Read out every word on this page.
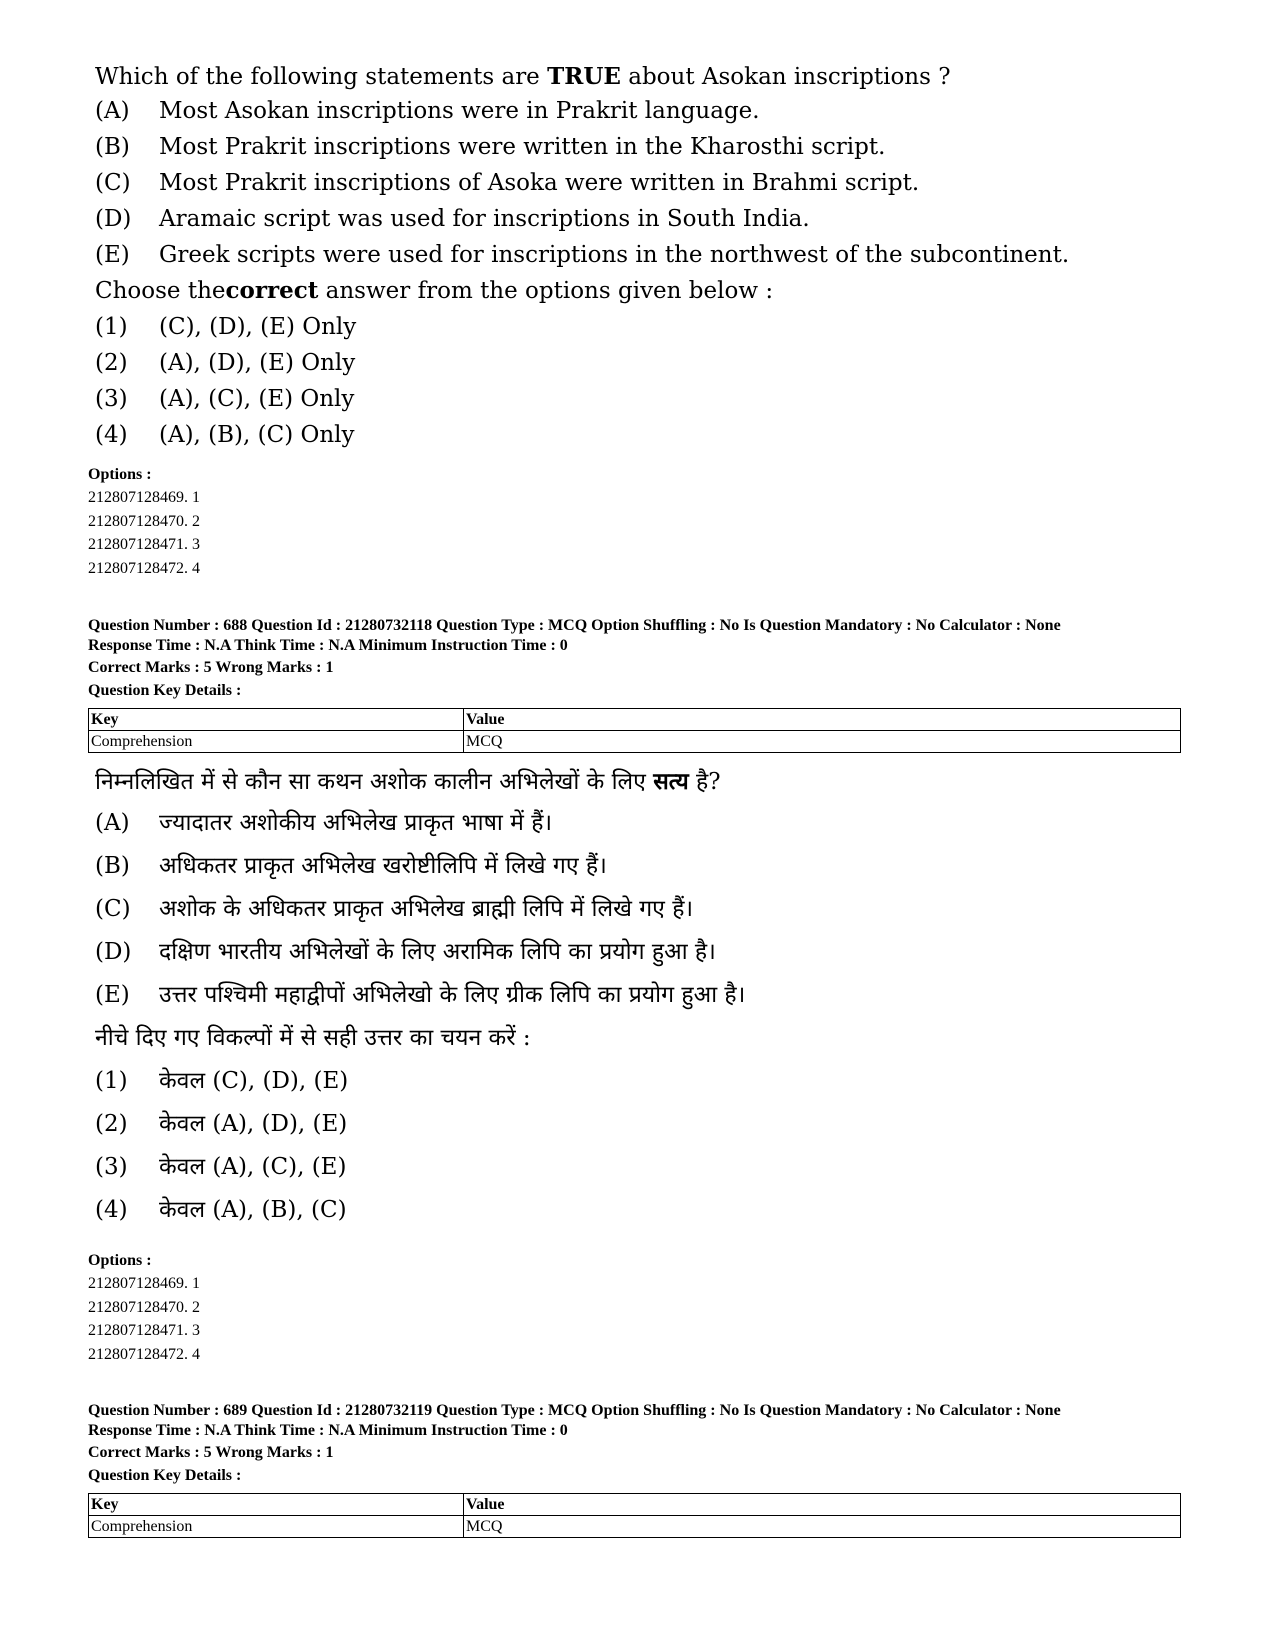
Which of the following statements are TRUE about Asokan inscriptions ?
(A)	Most Asokan inscriptions were in Prakrit language.
(B)	Most Prakrit inscriptions were written in the Kharosthi script.
(C)	Most Prakrit inscriptions of Asoka were written in Brahmi script.
(D)	Aramaic script was used for inscriptions in South India.
(E)	Greek scripts were used for inscriptions in the northwest of the subcontinent.
Choose the correct answer from the options given below :
(1)	(C), (D), (E) Only
(2)	(A), (D), (E) Only
(3)	(A), (C), (E) Only
(4)	(A), (B), (C) Only
Options :
212807128469. 1
212807128470. 2
212807128471. 3
212807128472. 4
Question Number : 688 Question Id : 21280732118 Question Type : MCQ Option Shuffling : No Is Question Mandatory : No Calculator : None
Response Time : N.A Think Time : N.A Minimum Instruction Time : 0
Correct Marks : 5 Wrong Marks : 1
Question Key Details :
Key	Value
Comprehension	MCQ
निम्नलिखित में से कौन सा कथन अशोक कालीन अभिलेखों के लिए सत्य है?
(A)	ज्यादातर अशोकीय अभिलेख प्राकृत भाषा में हैं।
(B)	अधिकतर प्राकृत अभिलेख खरोष्टीलिपि में लिखे गए हैं।
(C)	अशोक के अधिकतर प्राकृत अभिलेख ब्राह्मी लिपि में लिखे गए हैं।
(D)	दक्षिण भारतीय अभिलेखों के लिए अरामिक लिपि का प्रयोग हुआ है।
(E)	उत्तर पश्चिमी महाद्वीपों अभिलेखो के लिए ग्रीक लिपि का प्रयोग हुआ है।
नीचे दिए गए विकल्पों में से सही उत्तर का चयन करें :
(1)	केवल (C), (D), (E)
(2)	केवल (A), (D), (E)
(3)	केवल (A), (C), (E)
(4)	केवल (A), (B), (C)
Options :
212807128469. 1
212807128470. 2
212807128471. 3
212807128472. 4
Question Number : 689 Question Id : 21280732119 Question Type : MCQ Option Shuffling : No Is Question Mandatory : No Calculator : None
Response Time : N.A Think Time : N.A Minimum Instruction Time : 0
Correct Marks : 5 Wrong Marks : 1
Question Key Details :
Key	Value
Comprehension	MCQ
